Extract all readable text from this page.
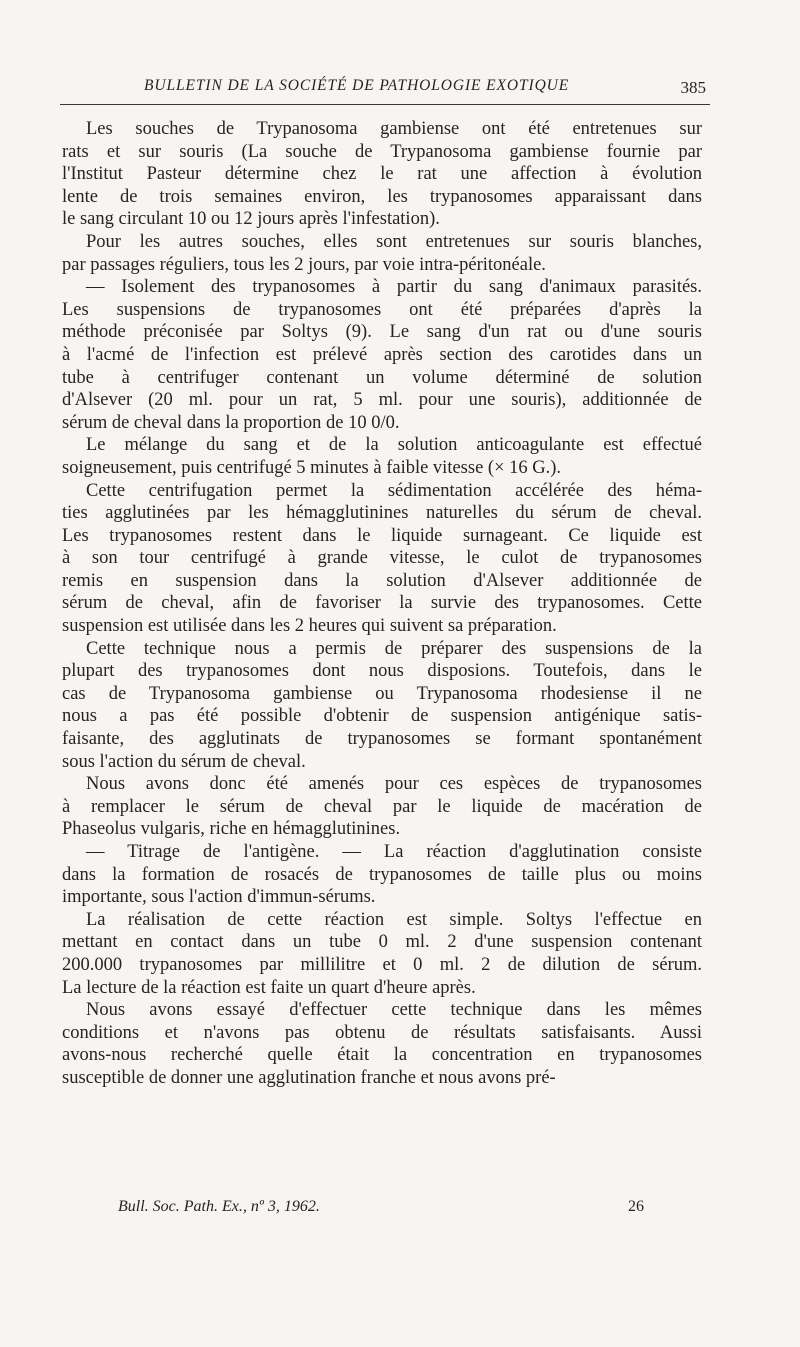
BULLETIN DE LA SOCIÉTÉ DE PATHOLOGIE EXOTIQUE	385
Les souches de Trypanosoma gambiense ont été entretenues sur
rats et sur souris (La souche de Trypanosoma gambiense fournie par
l'Institut Pasteur détermine chez le rat une affection à évolution
lente de trois semaines environ, les trypanosomes apparaissant dans
le sang circulant 10 ou 12 jours après l'infestation).
Pour les autres souches, elles sont entretenues sur souris blanches,
par passages réguliers, tous les 2 jours, par voie intra-péritonéale.
— Isolement des trypanosomes à partir du sang d'animaux parasités.
Les suspensions de trypanosomes ont été préparées d'après la
méthode préconisée par Soltys (9). Le sang d'un rat ou d'une souris
à l'acmé de l'infection est prélevé après section des carotides dans un
tube à centrifuger contenant un volume déterminé de solution
d'Alsever (20 ml. pour un rat, 5 ml. pour une souris), additionnée de
sérum de cheval dans la proportion de 10 0/0.
Le mélange du sang et de la solution anticoagulante est effectué
soigneusement, puis centrifugé 5 minutes à faible vitesse (× 16 G.).
Cette centrifugation permet la sédimentation accélérée des héma-
ties agglutinées par les hémagglutinines naturelles du sérum de cheval.
Les trypanosomes restent dans le liquide surnageant. Ce liquide est
à son tour centrifugé à grande vitesse, le culot de trypanosomes
remis en suspension dans la solution d'Alsever additionnée de
sérum de cheval, afin de favoriser la survie des trypanosomes. Cette
suspension est utilisée dans les 2 heures qui suivent sa préparation.
Cette technique nous a permis de préparer des suspensions de la
plupart des trypanosomes dont nous disposions. Toutefois, dans le
cas de Trypanosoma gambiense ou Trypanosoma rhodesiense il ne
nous a pas été possible d'obtenir de suspension antigénique satis-
faisante, des agglutinats de trypanosomes se formant spontanément
sous l'action du sérum de cheval.
Nous avons donc été amenés pour ces espèces de trypanosomes
à remplacer le sérum de cheval par le liquide de macération de
Phaseolus vulgaris, riche en hémagglutinines.
— Titrage de l'antigène. — La réaction d'agglutination consiste
dans la formation de rosacés de trypanosomes de taille plus ou moins
importante, sous l'action d'immun-sérums.
La réalisation de cette réaction est simple. Soltys l'effectue en
mettant en contact dans un tube 0 ml. 2 d'une suspension contenant
200.000 trypanosomes par millilitre et 0 ml. 2 de dilution de sérum.
La lecture de la réaction est faite un quart d'heure après.
Nous avons essayé d'effectuer cette technique dans les mêmes
conditions et n'avons pas obtenu de résultats satisfaisants. Aussi
avons-nous recherché quelle était la concentration en trypanosomes
susceptible de donner une agglutination franche et nous avons pré-
Bull. Soc. Path. Ex., nº 3, 1962.	26
